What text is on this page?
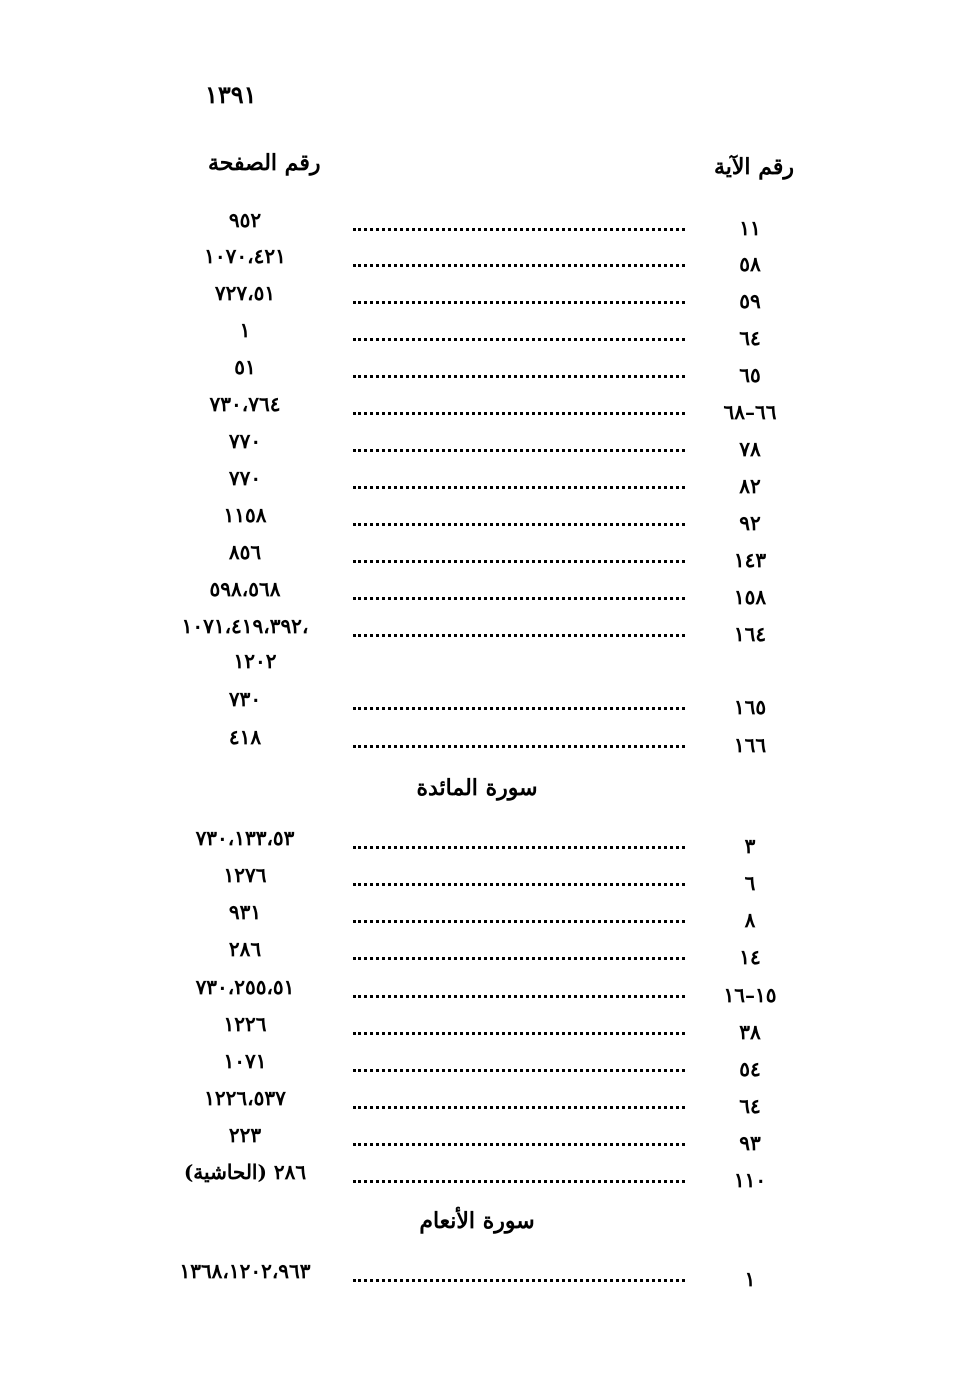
١٣٩١
رقم الآية
رقم الصفحة
٩٥٢	١١
١٠٧٠،٤٢١	٥٨
٧٢٧،٥١	٥٩
١	٦٤
٥١	٦٥
٧٣٠،٧٦٤	٦٦–٦٨
٧٧٠	٧٨
٧٧٠	٨٢
١١٥٨	٩٢
٨٥٦	١٤٣
٥٩٨،٥٦٨	١٥٨
،١٠٧١،٤١٩،٣٩٢	١٦٤
١٢٠٢
٧٣٠	١٦٥
٤١٨	١٦٦
سورة المائدة
٧٣٠،١٣٣،٥٣	٣
١٢٧٦	٦
٩٣١	٨
٢٨٦	١٤
٧٣٠،٢٥٥،٥١	١٥–١٦
١٢٢٦	٣٨
١٠٧١	٥٤
١٢٢٦،٥٣٧	٦٤
٢٢٣	٩٣
٢٨٦ (الحاشية)	١١٠
سورة الأنعام
١٣٦٨،١٢٠٢،٩٦٣	١
